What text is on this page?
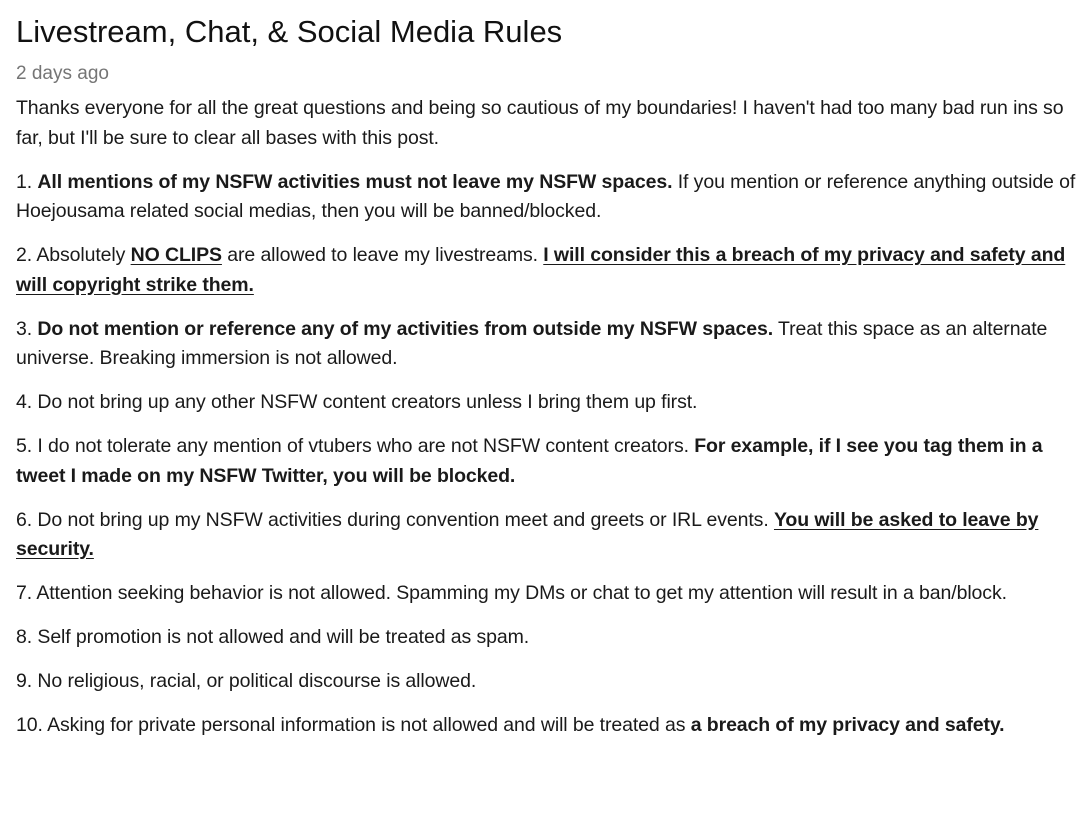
Livestream, Chat, & Social Media Rules
2 days ago

Thanks everyone for all the great questions and being so cautious of my boundaries! I haven't had too many bad run ins so far, but I'll be sure to clear all bases with this post.

1. All mentions of my NSFW activities must not leave my NSFW spaces. If you mention or reference anything outside of Hoejousama related social medias, then you will be banned/blocked.

2. Absolutely NO CLIPS are allowed to leave my livestreams. I will consider this a breach of my privacy and safety and will copyright strike them.

3. Do not mention or reference any of my activities from outside my NSFW spaces. Treat this space as an alternate universe. Breaking immersion is not allowed.

4. Do not bring up any other NSFW content creators unless I bring them up first.

5. I do not tolerate any mention of vtubers who are not NSFW content creators. For example, if I see you tag them in a tweet I made on my NSFW Twitter, you will be blocked.

6. Do not bring up my NSFW activities during convention meet and greets or IRL events. You will be asked to leave by security.

7. Attention seeking behavior is not allowed. Spamming my DMs or chat to get my attention will result in a ban/block.

8. Self promotion is not allowed and will be treated as spam.

9. No religious, racial, or political discourse is allowed.

10. Asking for private personal information is not allowed and will be treated as a breach of my privacy and safety.
